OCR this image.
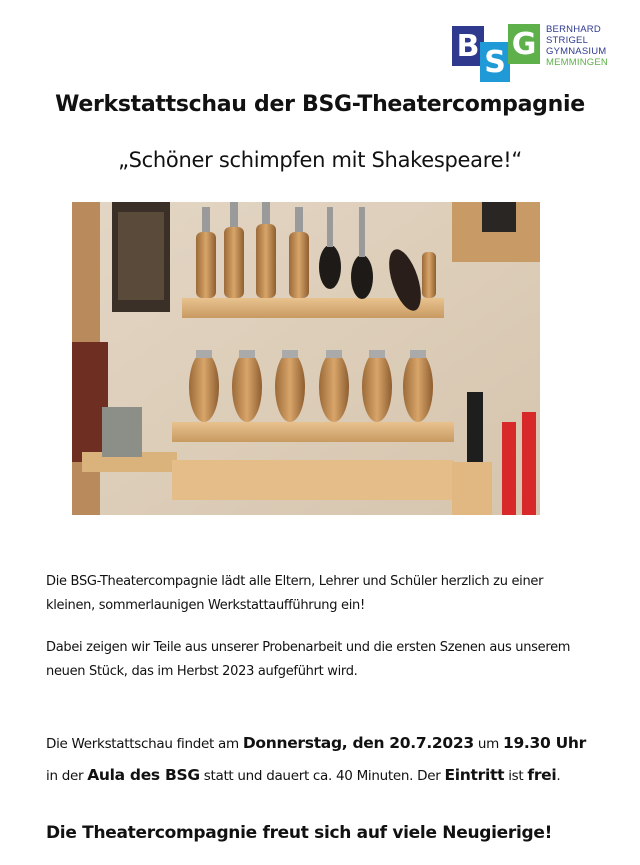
B S
G	BERNHARD
STRIGEL
GYMNASIUM
MEMMINGEN
Werkstattschau der BSG-Theatercompagnie
„Schöner schimpfen mit Shakespeare!“
Die BSG-Theatercompagnie lädt alle Eltern, Lehrer und Schüler herzlich zu einer
kleinen, sommerlaunigen Werkstattaufführung ein!
Dabei zeigen wir Teile aus unserer Probenarbeit und die ersten Szenen aus unserem
neuen Stück, das im Herbst 2023 aufgeführt wird.
Die Werkstattschau findet am Donnerstag, den 20.7.2023 um 19.30 Uhr
in der Aula des BSG statt und dauert ca. 40 Minuten. Der Eintritt ist frei.
Die Theatercompagnie freut sich auf viele Neugierige!
